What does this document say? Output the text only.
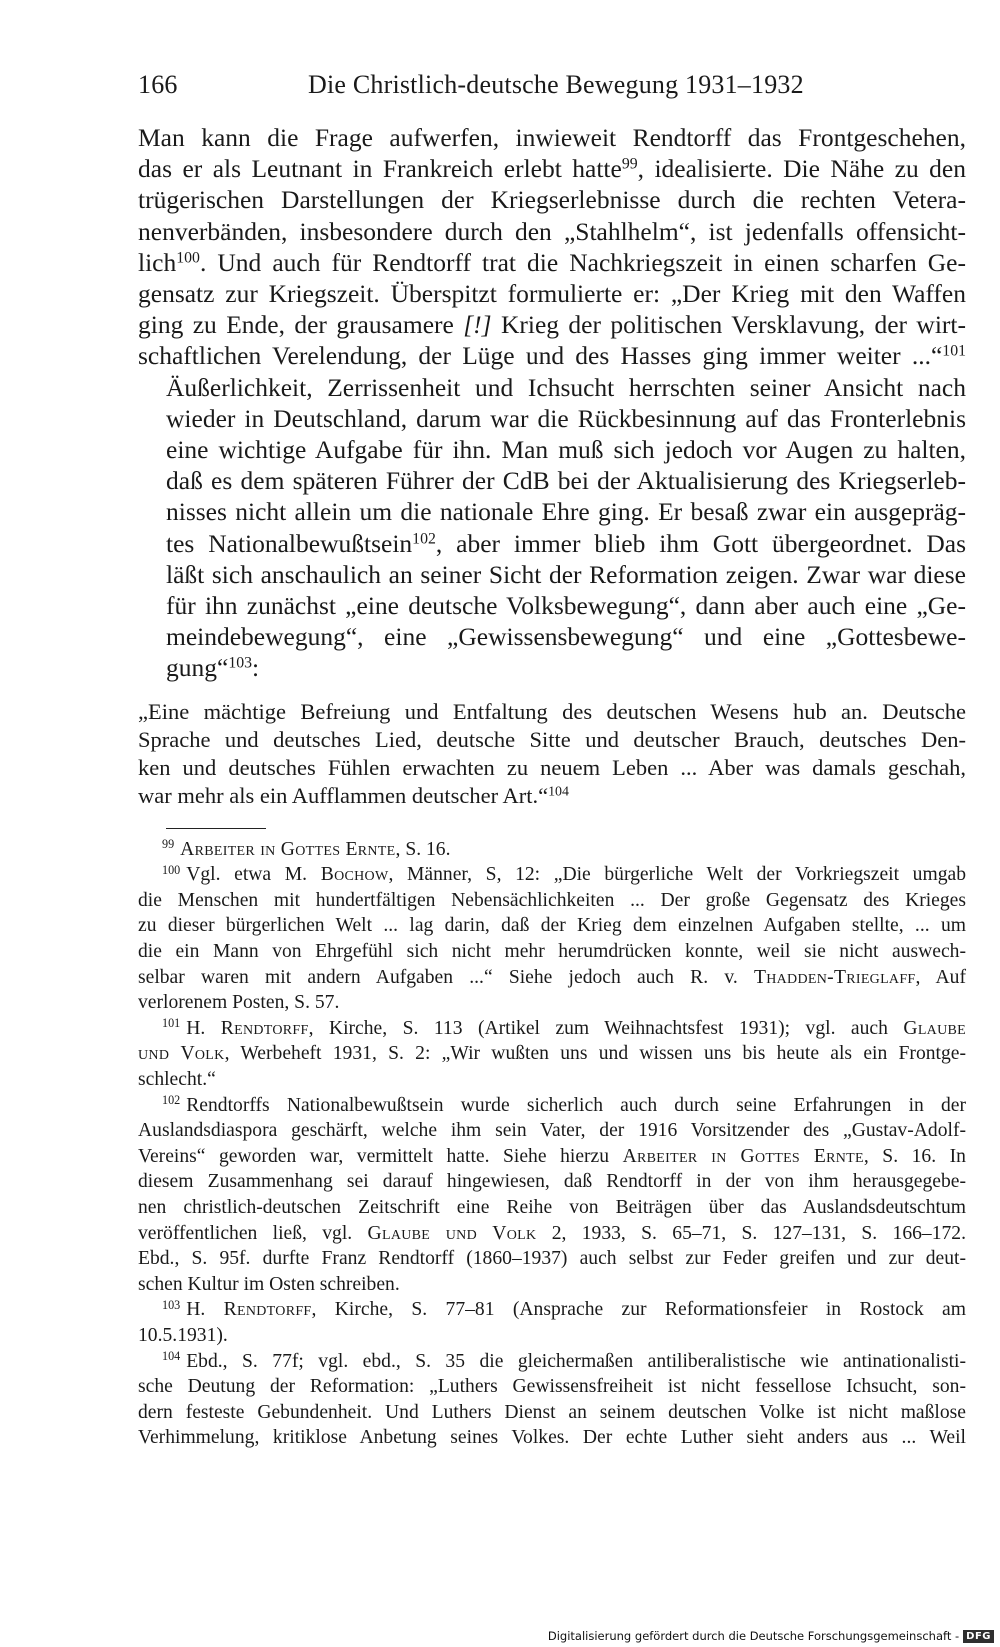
166	Die Christlich-deutsche Bewegung 1931–1932

Man kann die Frage aufwerfen, inwieweit Rendtorff das Frontgeschehen,
das er als Leutnant in Frankreich erlebt hatte$^{99}$, idealisierte. Die Nähe zu den
trügerischen Darstellungen der Kriegserlebnisse durch die rechten Vetera-
nenverbänden, insbesondere durch den „Stahlhelm“, ist jedenfalls offensicht-
lich$^{100}$. Und auch für Rendtorff trat die Nachkriegszeit in einen scharfen Ge-
gensatz zur Kriegszeit. Überspitzt formulierte er: „Der Krieg mit den Waffen
ging zu Ende, der grausamere [!] Krieg der politischen Versklavung, der wirt-
schaftlichen Verelendung, der Lüge und des Hasses ging immer weiter ...“$^{101}$

Äußerlichkeit, Zerrissenheit und Ichsucht herrschten seiner Ansicht nach
wieder in Deutschland, darum war die Rückbesinnung auf das Fronterlebnis
eine wichtige Aufgabe für ihn. Man muß sich jedoch vor Augen zu halten,
daß es dem späteren Führer der CdB bei der Aktualisierung des Kriegserleb-
nisses nicht allein um die nationale Ehre ging. Er besaß zwar ein ausgepräg-
tes Nationalbewußtsein$^{102}$, aber immer blieb ihm Gott übergeordnet. Das
läßt sich anschaulich an seiner Sicht der Reformation zeigen. Zwar war diese
für ihn zunächst „eine deutsche Volksbewegung“, dann aber auch eine „Ge-
meindebewegung“, eine „Gewissensbewegung“ und eine „Gottesbewe-
gung“$^{103}$:

„Eine mächtige Befreiung und Entfaltung des deutschen Wesens hub an. Deutsche
Sprache und deutsches Lied, deutsche Sitte und deutscher Brauch, deutsches Den-
ken und deutsches Fühlen erwachten zu neuem Leben ... Aber was damals geschah,
war mehr als ein Aufflammen deutscher Art.“$^{104}$

$^{99}$ Arbeiter in Gottes Ernte, S. 16.

$^{100}$ Vgl. etwa M. Bochow, Männer, S, 12: „Die bürgerliche Welt der Vorkriegszeit umgab
die Menschen mit hundertfältigen Nebensächlichkeiten ... Der große Gegensatz des Krieges
zu dieser bürgerlichen Welt ... lag darin, daß der Krieg dem einzelnen Aufgaben stellte, ... um
die ein Mann von Ehrgefühl sich nicht mehr herumdrücken konnte, weil sie nicht auswech-
selbar waren mit andern Aufgaben ...“ Siehe jedoch auch R. v. Thadden-Trieglaff, Auf
verlorenem Posten, S. 57.

$^{101}$ H. Rendtorff, Kirche, S. 113 (Artikel zum Weihnachtsfest 1931); vgl. auch Glaube
und Volk, Werbeheft 1931, S. 2: „Wir wußten uns und wissen uns bis heute als ein Frontge-
schlecht.“

$^{102}$ Rendtorffs Nationalbewußtsein wurde sicherlich auch durch seine Erfahrungen in der
Auslandsdiaspora geschärft, welche ihm sein Vater, der 1916 Vorsitzender des „Gustav-Adolf-
Vereins“ geworden war, vermittelt hatte. Siehe hierzu Arbeiter in Gottes Ernte, S. 16. In
diesem Zusammenhang sei darauf hingewiesen, daß Rendtorff in der von ihm herausgegebe-
nen christlich-deutschen Zeitschrift eine Reihe von Beiträgen über das Auslandsdeutschtum
veröffentlichen ließ, vgl. Glaube und Volk 2, 1933, S. 65–71, S. 127–131, S. 166–172.
Ebd., S. 95f. durfte Franz Rendtorff (1860–1937) auch selbst zur Feder greifen und zur deut-
schen Kultur im Osten schreiben.

$^{103}$ H. Rendtorff, Kirche, S. 77–81 (Ansprache zur Reformationsfeier in Rostock am
10.5.1931).

$^{104}$ Ebd., S. 77f; vgl. ebd., S. 35 die gleichermaßen antiliberalistische wie antinationalisti-
sche Deutung der Reformation: „Luthers Gewissensfreiheit ist nicht fessellose Ichsucht, son-
dern festeste Gebundenheit. Und Luthers Dienst an seinem deutschen Volke ist nicht maßlose
Verhimmelung, kritiklose Anbetung seines Volkes. Der echte Luther sieht anders aus ... Weil

Digitalisierung gefördert durch die Deutsche Forschungsgemeinschaft - DFG
